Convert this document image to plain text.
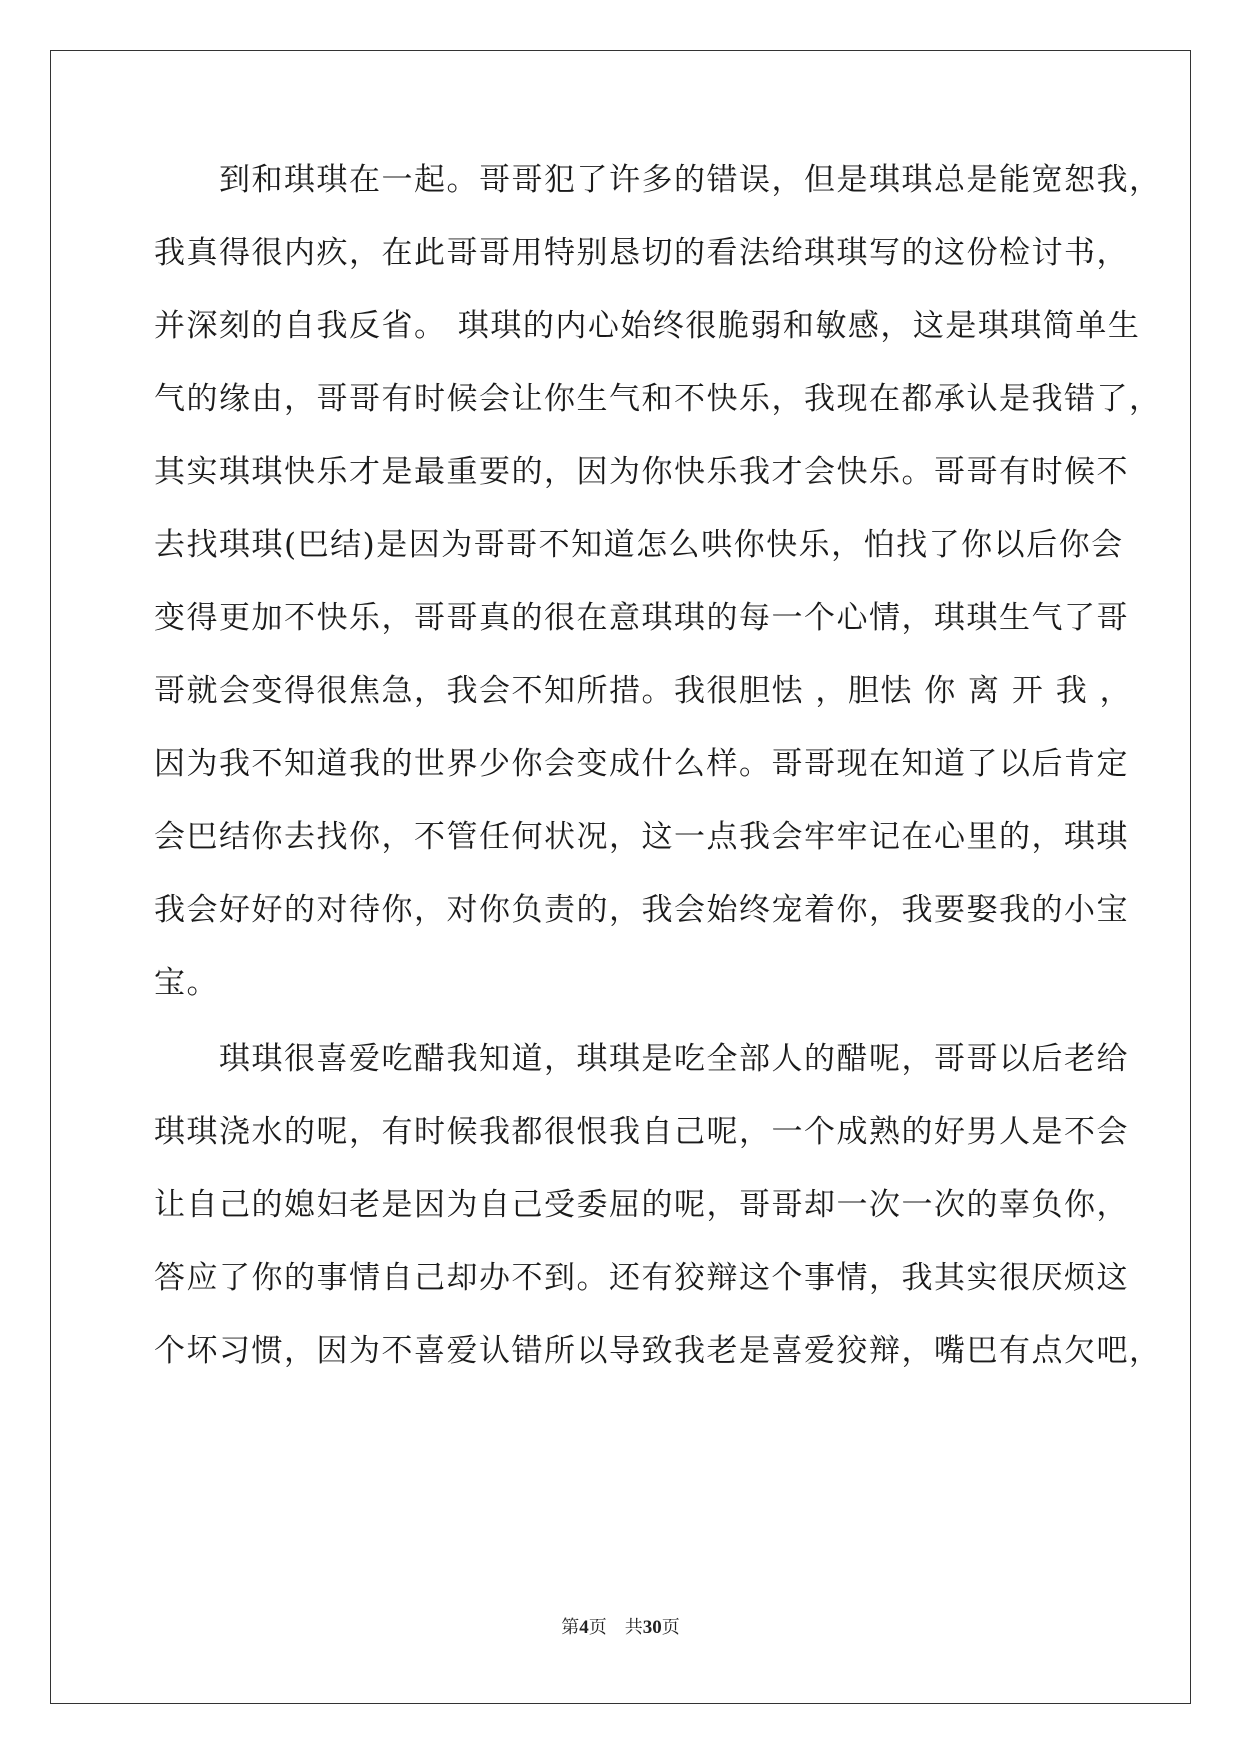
　　到和琪琪在一起。哥哥犯了许多的错误，但是琪琪总是能宽恕我，
我真得很内疚，在此哥哥用特别恳切的看法给琪琪写的这份检讨书，
并深刻的自我反省。 琪琪的内心始终很脆弱和敏感，这是琪琪简单生
气的缘由，哥哥有时候会让你生气和不快乐，我现在都承认是我错了，
其实琪琪快乐才是最重要的，因为你快乐我才会快乐。哥哥有时候不
去找琪琪(巴结)是因为哥哥不知道怎么哄你快乐，怕找了你以后你会
变得更加不快乐，哥哥真的很在意琪琪的每一个心情，琪琪生气了哥
哥就会变得很焦急，我会不知所措。我很胆怯 ，胆怯 你 离 开 我 ，
因为我不知道我的世界少你会变成什么样。哥哥现在知道了以后肯定
会巴结你去找你，不管任何状况，这一点我会牢牢记在心里的，琪琪
我会好好的对待你，对你负责的，我会始终宠着你，我要娶我的小宝
宝。
　　琪琪很喜爱吃醋我知道，琪琪是吃全部人的醋呢，哥哥以后老给
琪琪浇水的呢，有时候我都很恨我自己呢，一个成熟的好男人是不会
让自己的媳妇老是因为自己受委屈的呢，哥哥却一次一次的辜负你，
答应了你的事情自己却办不到。还有狡辩这个事情，我其实很厌烦这
个坏习惯，因为不喜爱认错所以导致我老是喜爱狡辩，嘴巴有点欠吧，
第4页　共30页
